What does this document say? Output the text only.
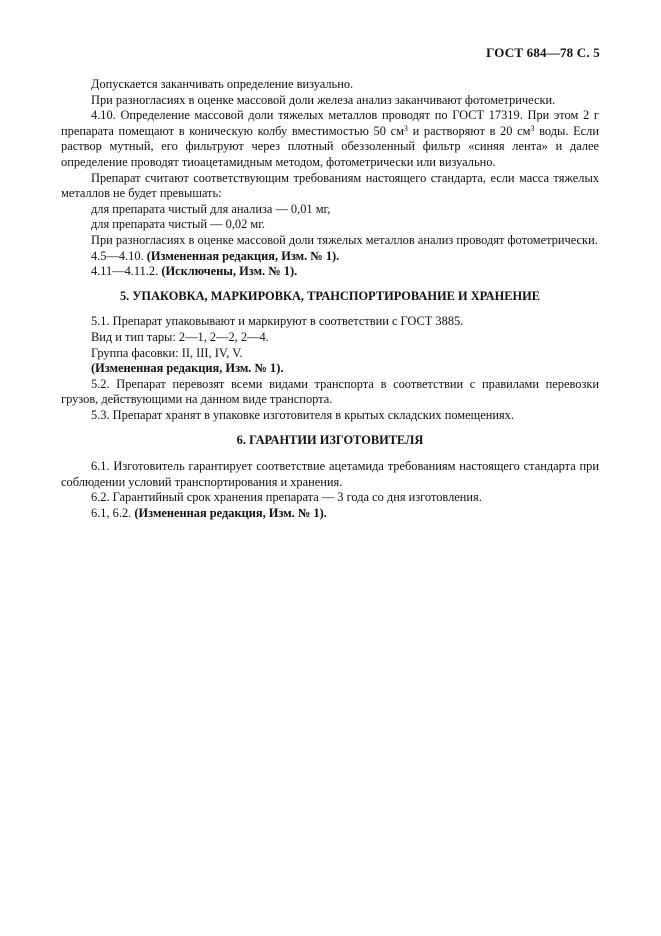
ГОСТ 684—78 С. 5

Допускается заканчивать определение визуально.

При разногласиях в оценке массовой доли железа анализ заканчивают фотометрически.

4.10. Определение массовой доли тяжелых металлов проводят по ГОСТ 17319. При этом 2 г препарата помещают в коническую колбу вместимостью 50 $см^3$ и растворяют в 20 $см^3$ воды. Если раствор мутный, его фильтруют через плотный обеззоленный фильтр «синяя лента» и далее определение проводят тиоацетамидным методом, фотометрически или визуально.

Препарат считают соответствующим требованиям настоящего стандарта, если масса тяжелых металлов не будет превышать:

для препарата чистый для анализа — 0,01 мг,

для препарата чистый — 0,02 мг.

При разногласиях в оценке массовой доли тяжелых металлов анализ проводят фотометрически.

4.5—4.10. (Измененная редакция, Изм. № 1).

4.11—4.11.2. (Исключены, Изм. № 1).

5. УПАКОВКА, МАРКИРОВКА, ТРАНСПОРТИРОВАНИЕ И ХРАНЕНИЕ

5.1. Препарат упаковывают и маркируют в соответствии с ГОСТ 3885.

Вид и тип тары: 2—1, 2—2, 2—4.

Группа фасовки: II, III, IV, V.

(Измененная редакция, Изм. № 1).

5.2. Препарат перевозят всеми видами транспорта в соответствии с правилами перевозки грузов, действующими на данном виде транспорта.

5.3. Препарат хранят в упаковке изготовителя в крытых складских помещениях.

6. ГАРАНТИИ ИЗГОТОВИТЕЛЯ

6.1. Изготовитель гарантирует соответствие ацетамида требованиям настоящего стандарта при соблюдении условий транспортирования и хранения.

6.2. Гарантийный срок хранения препарата — 3 года со дня изготовления.

6.1, 6.2. (Измененная редакция, Изм. № 1).
